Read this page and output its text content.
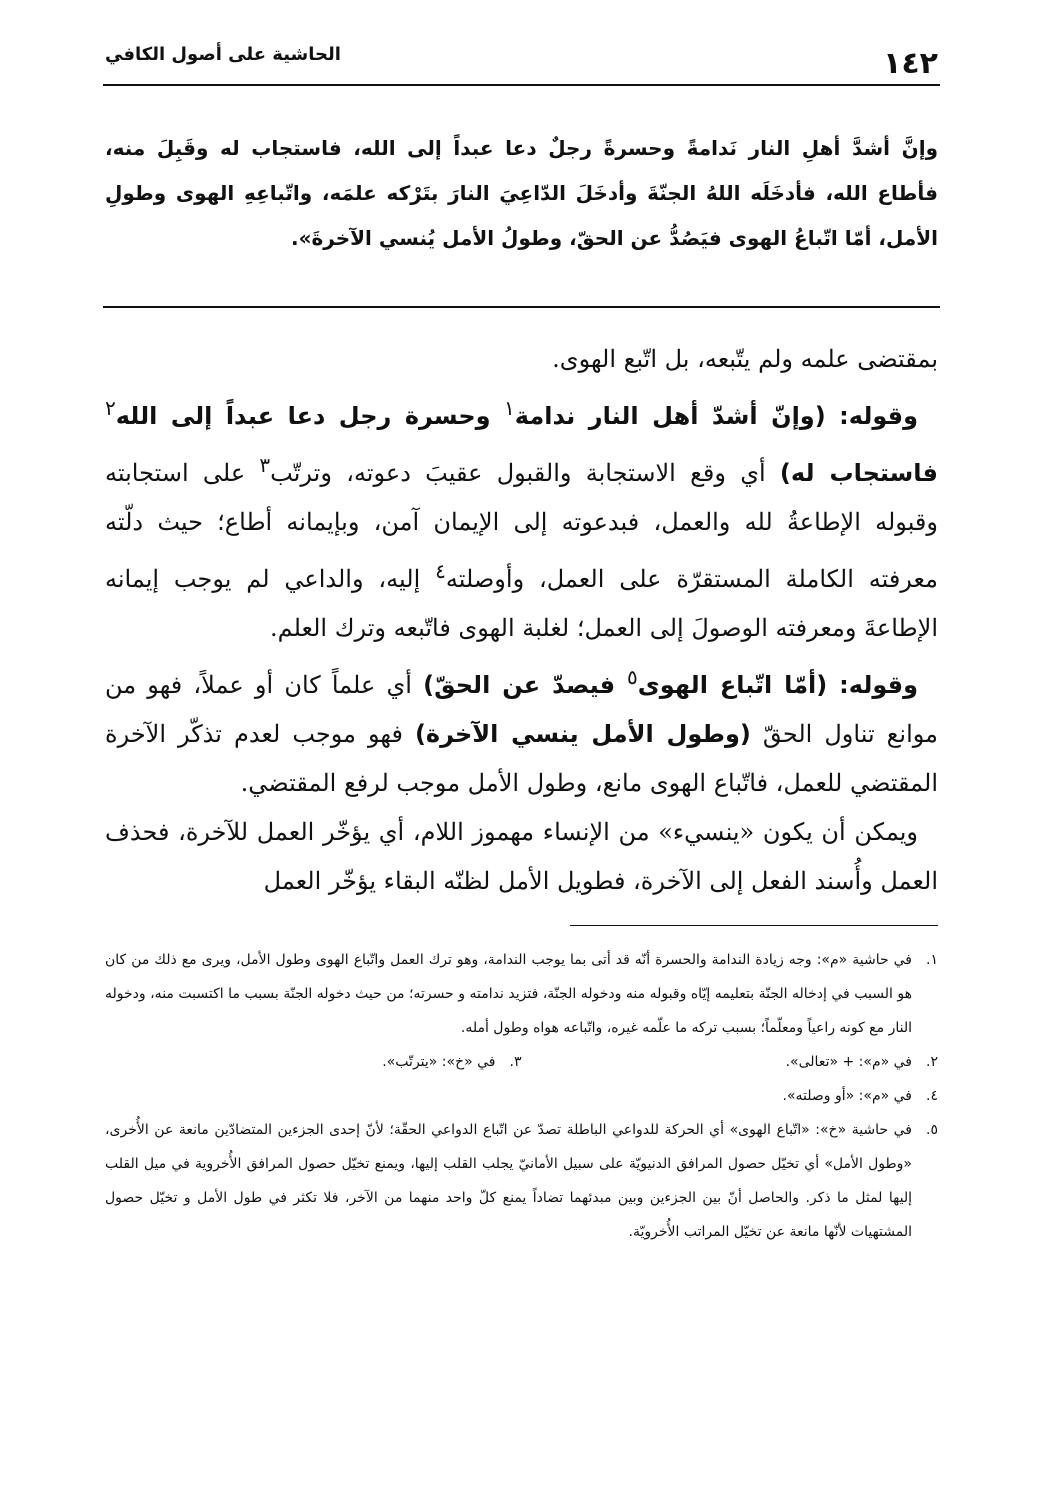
١٤٢
الحاشية على أصول الكافي
وإنَّ أشدَّ أهلِ النار نَدامةً وحسرةً رجلٌ دعا عبداً إلى الله، فاستجاب له وقَبِلَ منه، فأطاع الله، فأدخَلَه اللهُ الجنّةَ وأدخَلَ الدّاعِيَ النارَ بتَرْكه علمَه، واتّباعِهِ الهوى وطولِ الأمل، أمّا اتّباعُ الهوى فيَصُدُّ عن الحقّ، وطولُ الأمل يُنسي الآخرةَ».

بمقتضى علمه ولم يتّبعه، بل اتّبع الهوى.

وقوله: (وإنّ أشدّ أهل النار ندامة$^١$ وحسرة رجل دعا عبداً إلى الله$^٢$ فاستجاب له) أي وقع الاستجابة والقبول عقيبَ دعوته، وترتّب$^٣$ على استجابته وقبوله الإطاعةُ لله والعمل، فبدعوته إلى الإيمان آمن، وبإيمانه أطاع؛ حيث دلّته معرفته الكاملة المستقرّة على العمل، وأوصلته$^٤$ إليه، والداعي لم يوجب إيمانه الإطاعةَ ومعرفته الوصولَ إلى العمل؛ لغلبة الهوى فاتّبعه وترك العلم.

وقوله: (أمّا اتّباع الهوى$^٥$ فيصدّ عن الحقّ) أي علماً كان أو عملاً، فهو من موانع تناول الحقّ (وطول الأمل ينسي الآخرة) فهو موجب لعدم تذكّر الآخرة المقتضي للعمل، فاتّباع الهوى مانع، وطول الأمل موجب لرفع المقتضي.

ويمكن أن يكون «ينسيء» من الإنساء مهموز اللام، أي يؤخّر العمل للآخرة، فحذف العمل وأُسند الفعل إلى الآخرة، فطويل الأمل لظنّه البقاء يؤخّر العمل

١.
في حاشية «م»: وجه زيادة الندامة والحسرة أنّه قد أتى بما يوجب الندامة، وهو ترك العمل واتّباع الهوى وطول الأمل، ويرى مع ذلك من كان هو السبب في إدخاله الجنّة بتعليمه إيّاه وقبوله منه ودخوله الجنّة، فتزيد ندامته و حسرته؛ من حيث دخوله الجنّة بسبب ما اكتسبت منه، ودخوله النار مع كونه راعياً ومعلّماً؛ بسبب تركه ما علّمه غيره، واتّباعه هواه وطول أمله.

٢.
في «م»: + «تعالى».

٣.
في «خ»: «يترتّب».

٤.
في «م»: «أو وصلته».

٥.
في حاشية «خ»: «اتّباع الهوى» أي الحركة للدواعي الباطلة تصدّ عن اتّباع الدواعي الحقّة؛ لأنّ إحدى الجزءين المتضادّين مانعة عن الأُخرى، «وطول الأمل» أي تخيّل حصول المرافق الدنيويّة على سبيل الأمانيّ يجلب القلب إليها، ويمنع تخيّل حصول المرافق الأُخروية في ميل القلب إليها لمثل ما ذكر. والحاصل أنّ بين الجزءين وبين مبدئهما تضاداً يمنع كلّ واحد منهما من الآخر، فلا تكثر في طول الأمل و تخيّل حصول المشتهيات لأنّها مانعة عن تخيّل المراتب الأُخرويّة.
